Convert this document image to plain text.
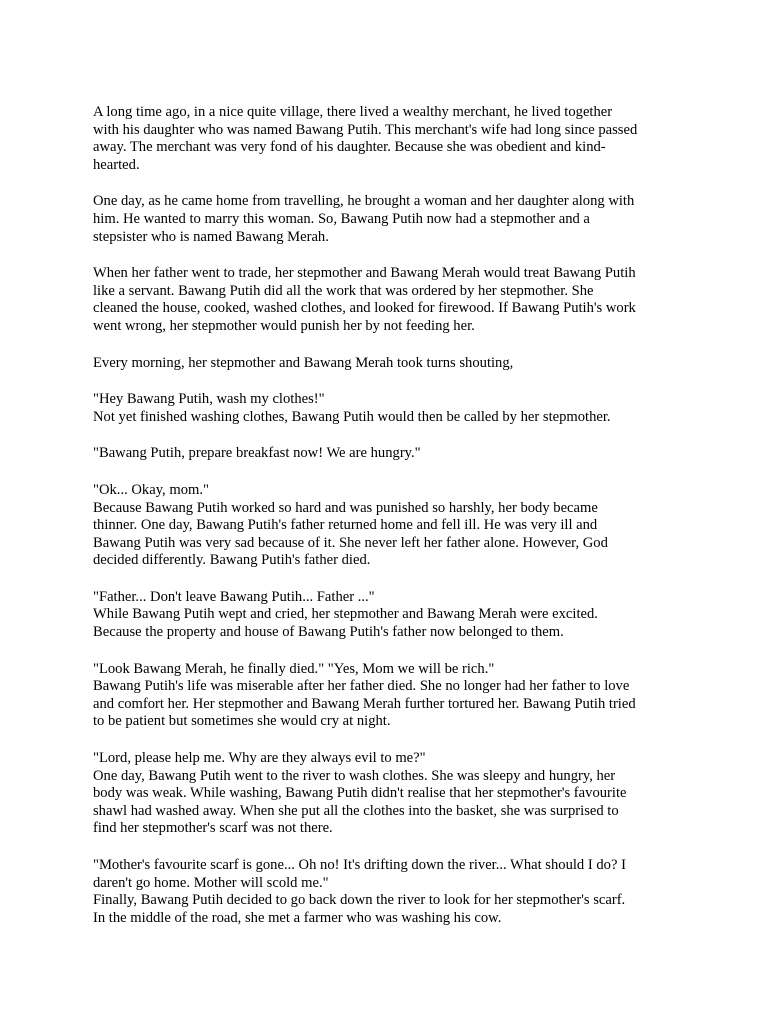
A long time ago, in a nice quite village, there lived a wealthy merchant, he lived together
with his daughter who was named Bawang Putih. This merchant's wife had long since passed
away. The merchant was very fond of his daughter. Because she was obedient and kind-
hearted.
One day, as he came home from travelling, he brought a woman and her daughter along with
him. He wanted to marry this woman. So, Bawang Putih now had a stepmother and a
stepsister who is named Bawang Merah.
When her father went to trade, her stepmother and Bawang Merah would treat Bawang Putih
like a servant. Bawang Putih did all the work that was ordered by her stepmother. She
cleaned the house, cooked, washed clothes, and looked for firewood. If Bawang Putih's work
went wrong, her stepmother would punish her by not feeding her.
Every morning, her stepmother and Bawang Merah took turns shouting,
"Hey Bawang Putih, wash my clothes!"
Not yet finished washing clothes, Bawang Putih would then be called by her stepmother.
"Bawang Putih, prepare breakfast now! We are hungry."
"Ok... Okay, mom."
Because Bawang Putih worked so hard and was punished so harshly, her body became
thinner. One day, Bawang Putih's father returned home and fell ill. He was very ill and
Bawang Putih was very sad because of it. She never left her father alone. However, God
decided differently. Bawang Putih's father died.
"Father... Don't leave Bawang Putih... Father ..."
While Bawang Putih wept and cried, her stepmother and Bawang Merah were excited.
Because the property and house of Bawang Putih's father now belonged to them.
"Look Bawang Merah, he finally died." "Yes, Mom we will be rich."
Bawang Putih's life was miserable after her father died. She no longer had her father to love
and comfort her. Her stepmother and Bawang Merah further tortured her. Bawang Putih tried
to be patient but sometimes she would cry at night.
"Lord, please help me. Why are they always evil to me?"
One day, Bawang Putih went to the river to wash clothes. She was sleepy and hungry, her
body was weak. While washing, Bawang Putih didn't realise that her stepmother's favourite
shawl had washed away. When she put all the clothes into the basket, she was surprised to
find her stepmother's scarf was not there.
"Mother's favourite scarf is gone... Oh no! It's drifting down the river... What should I do? I
daren't go home. Mother will scold me."
Finally, Bawang Putih decided to go back down the river to look for her stepmother's scarf.
In the middle of the road, she met a farmer who was washing his cow.
